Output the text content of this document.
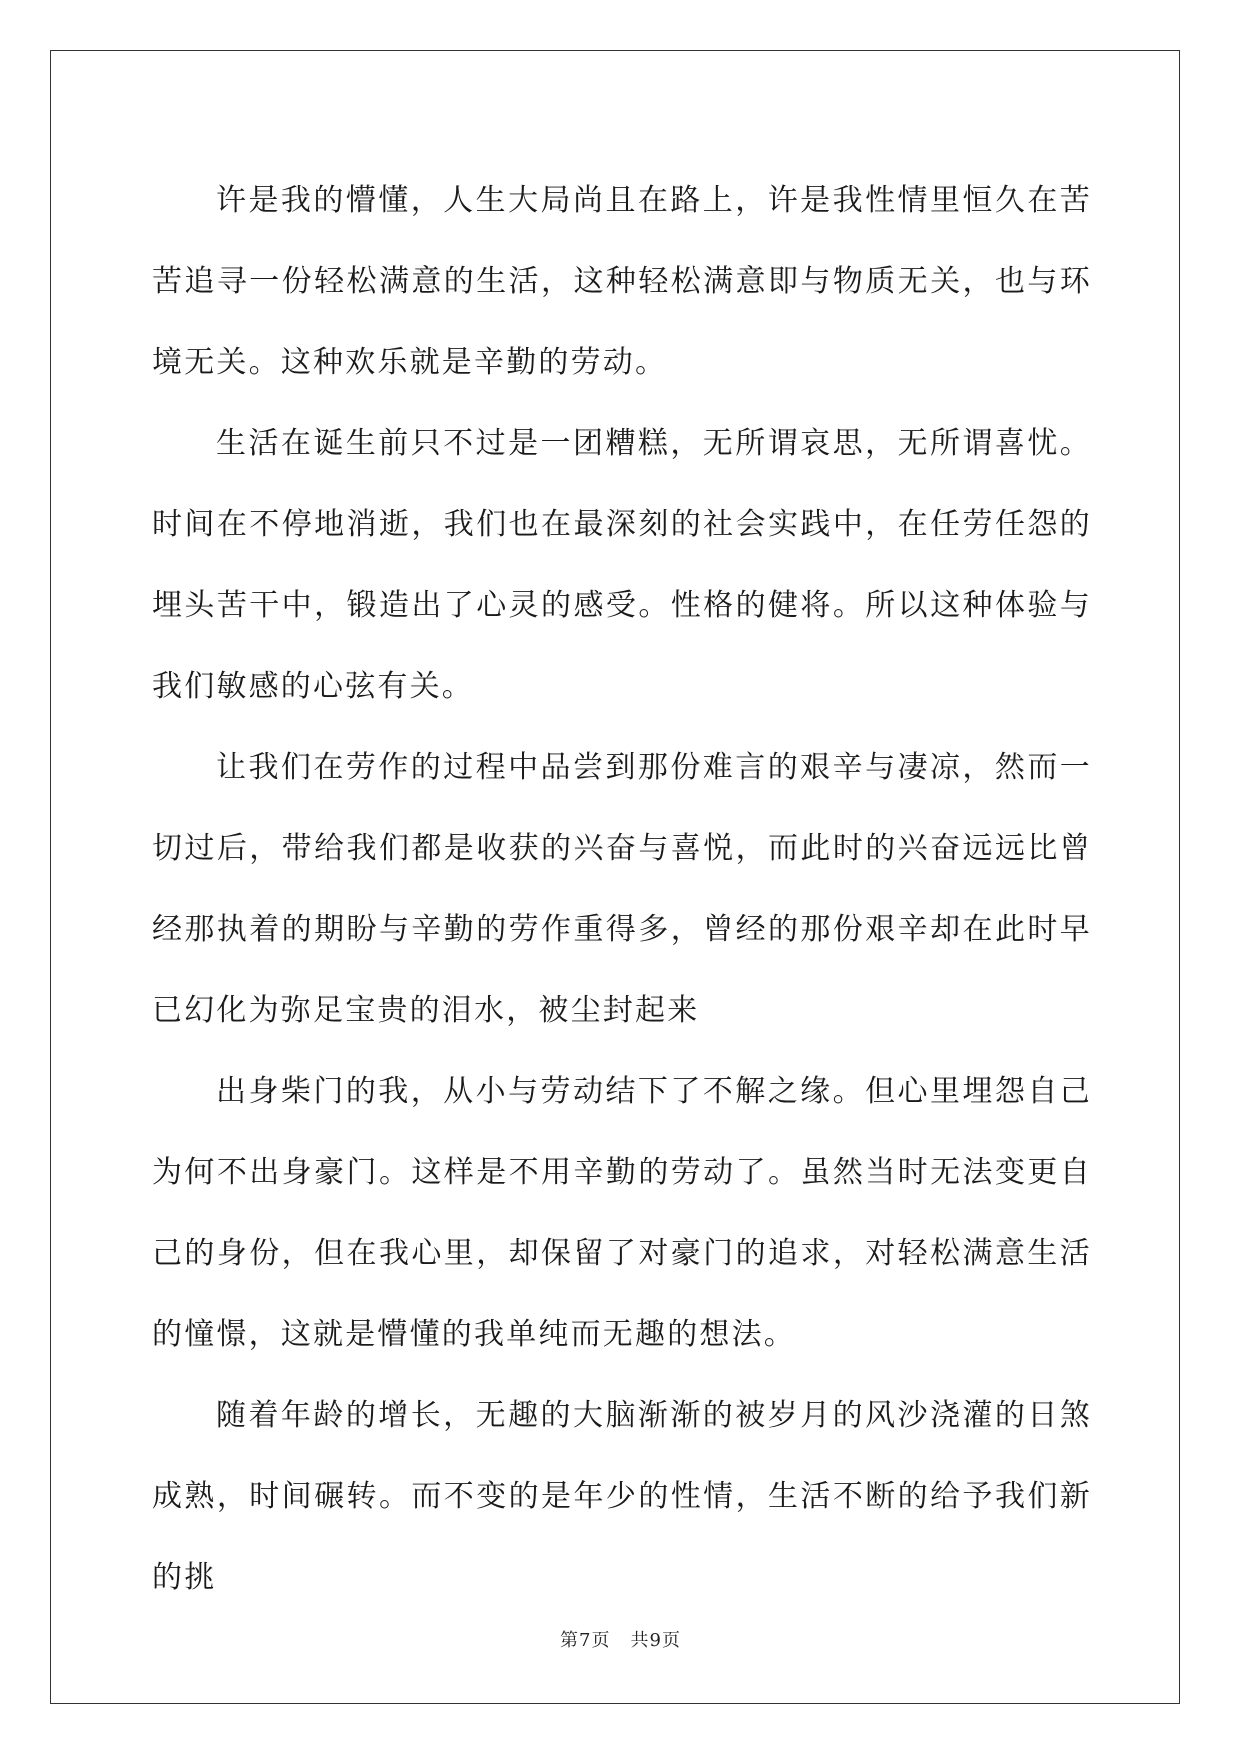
许是我的懵懂，人生大局尚且在路上，许是我性情里恒久在苦苦追寻一份轻松满意的生活，这种轻松满意即与物质无关，也与环境无关。这种欢乐就是辛勤的劳动。

生活在诞生前只不过是一团糟糕，无所谓哀思，无所谓喜忧。时间在不停地消逝，我们也在最深刻的社会实践中，在任劳任怨的埋头苦干中，锻造出了心灵的感受。性格的健将。所以这种体验与我们敏感的心弦有关。

让我们在劳作的过程中品尝到那份难言的艰辛与凄凉，然而一切过后，带给我们都是收获的兴奋与喜悦，而此时的兴奋远远比曾经那执着的期盼与辛勤的劳作重得多，曾经的那份艰辛却在此时早已幻化为弥足宝贵的泪水，被尘封起来

出身柴门的我，从小与劳动结下了不解之缘。但心里埋怨自己为何不出身豪门。这样是不用辛勤的劳动了。虽然当时无法变更自己的身份，但在我心里，却保留了对豪门的追求，对轻松满意生活的憧憬，这就是懵懂的我单纯而无趣的想法。

随着年龄的增长，无趣的大脑渐渐的被岁月的风沙浇灌的日煞成熟，时间碾转。而不变的是年少的性情，生活不断的给予我们新的挑

第7页 共9页
